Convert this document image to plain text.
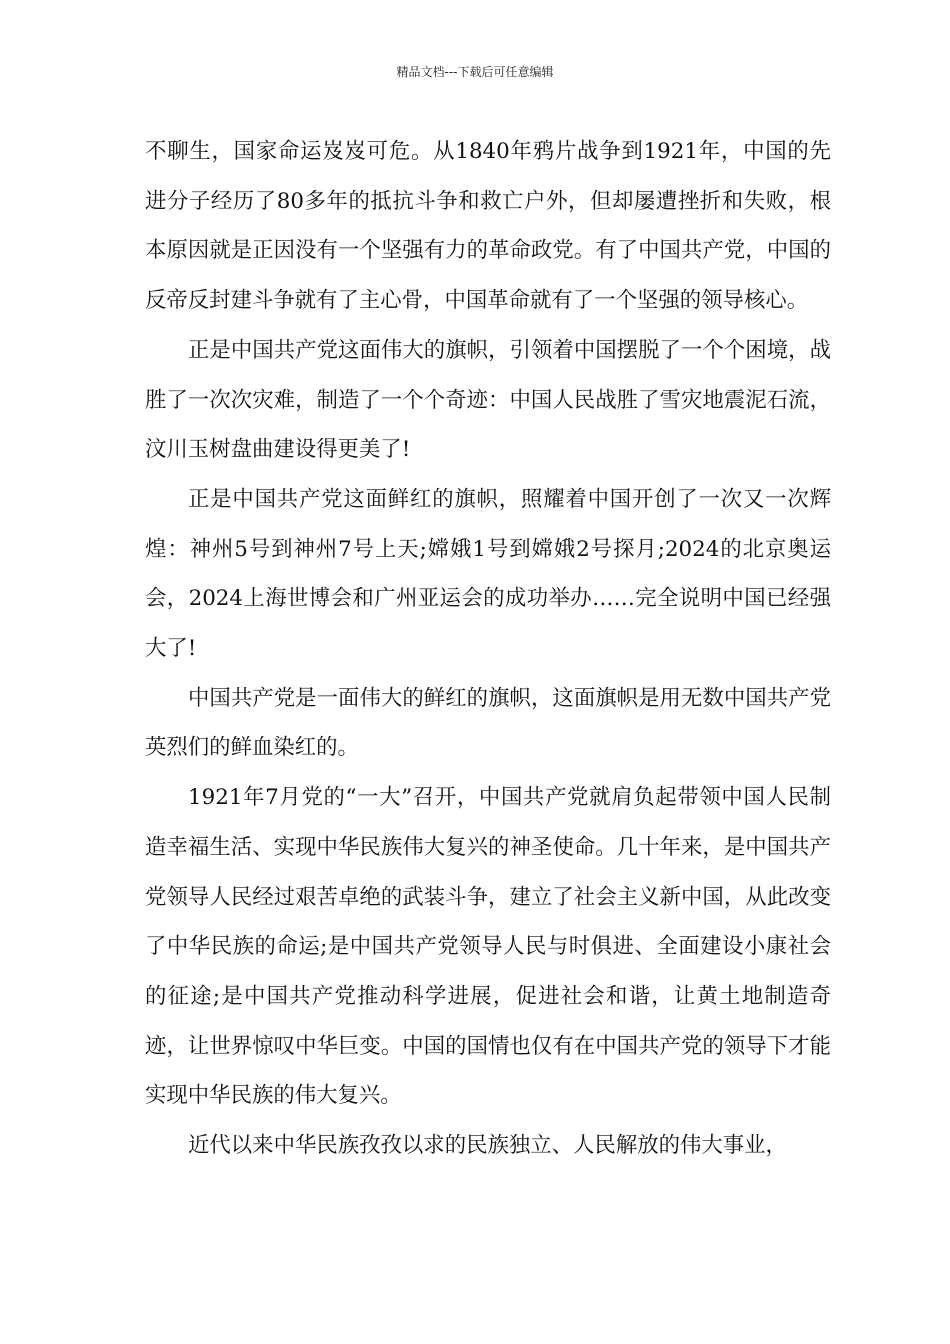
精品文档---下载后可任意编辑

不聊生，国家命运岌岌可危。从1840年鸦片战争到1921年，中国的先进分子经历了80多年的抵抗斗争和救亡户外，但却屡遭挫折和失败，根本原因就是正因没有一个坚强有力的革命政党。有了中国共产党，中国的反帝反封建斗争就有了主心骨，中国革命就有了一个坚强的领导核心。

正是中国共产党这面伟大的旗帜，引领着中国摆脱了一个个困境，战胜了一次次灾难，制造了一个个奇迹：中国人民战胜了雪灾地震泥石流，汶川玉树盘曲建设得更美了!

正是中国共产党这面鲜红的旗帜，照耀着中国开创了一次又一次辉煌：神州5号到神州7号上天;嫦娥1号到嫦娥2号探月;2024的北京奥运会，2024上海世博会和广州亚运会的成功举办……完全说明中国已经强大了!

中国共产党是一面伟大的鲜红的旗帜，这面旗帜是用无数中国共产党英烈们的鲜血染红的。

1921年7月党的“一大”召开，中国共产党就肩负起带领中国人民制造幸福生活、实现中华民族伟大复兴的神圣使命。几十年来，是中国共产党领导人民经过艰苦卓绝的武装斗争，建立了社会主义新中国，从此改变了中华民族的命运;是中国共产党领导人民与时俱进、全面建设小康社会的征途;是中国共产党推动科学进展，促进社会和谐，让黄土地制造奇迹，让世界惊叹中华巨变。中国的国情也仅有在中国共产党的领导下才能实现中华民族的伟大复兴。

近代以来中华民族孜孜以求的民族独立、人民解放的伟大事业，
